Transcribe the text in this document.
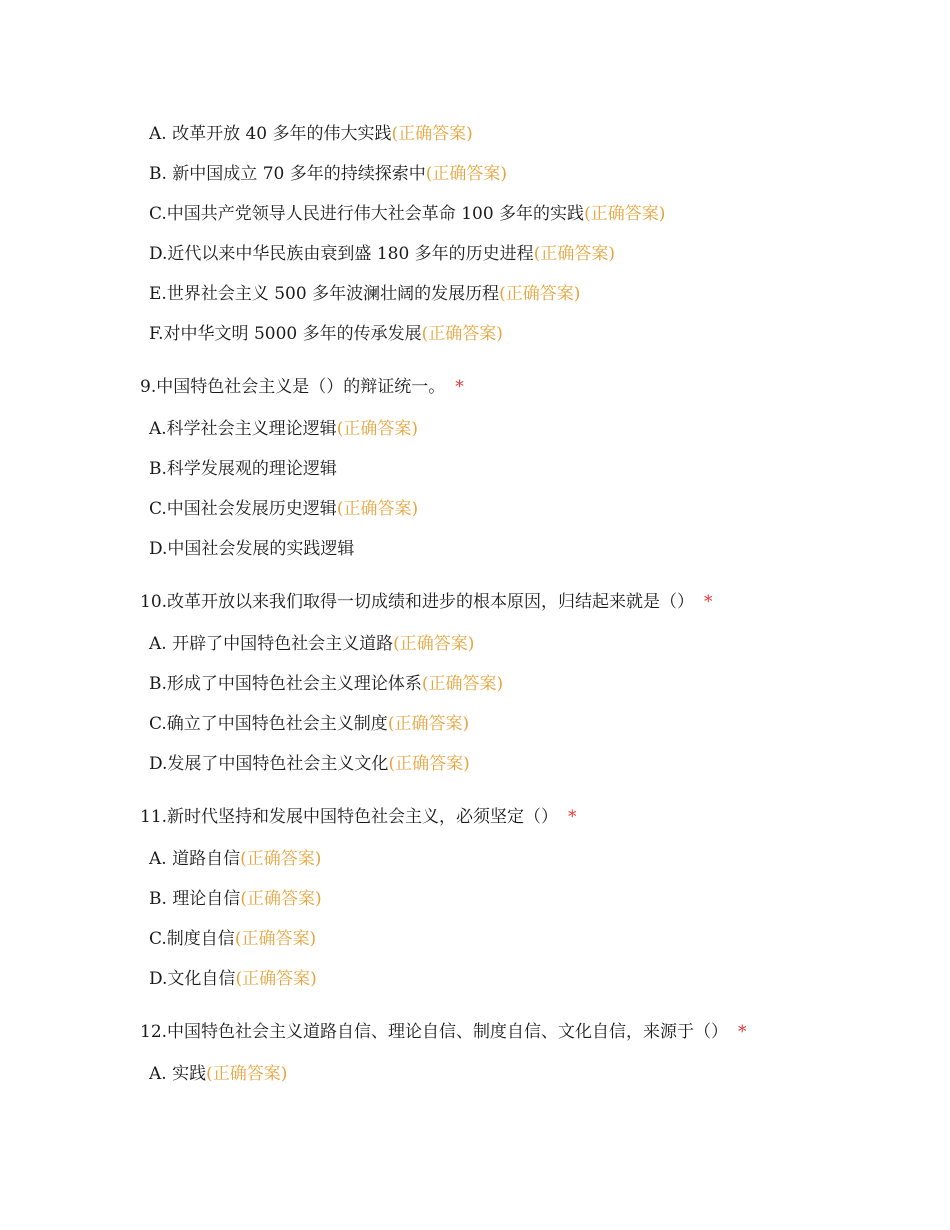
A. 改革开放 40 多年的伟大实践(正确答案)
B. 新中国成立 70 多年的持续探索中(正确答案)
C.中国共产党领导人民进行伟大社会革命 100 多年的实践(正确答案)
D.近代以来中华民族由衰到盛 180 多年的历史进程(正确答案)
E.世界社会主义 500 多年波澜壮阔的发展历程(正确答案)
F.对中华文明 5000 多年的传承发展(正确答案)
9.中国特色社会主义是（）的辩证统一。 *
A.科学社会主义理论逻辑(正确答案)
B.科学发展观的理论逻辑
C.中国社会发展历史逻辑(正确答案)
D.中国社会发展的实践逻辑
10.改革开放以来我们取得一切成绩和进步的根本原因，归结起来就是（） *
A. 开辟了中国特色社会主义道路(正确答案)
B.形成了中国特色社会主义理论体系(正确答案)
C.确立了中国特色社会主义制度(正确答案)
D.发展了中国特色社会主义文化(正确答案)
11.新时代坚持和发展中国特色社会主义，必须坚定（） *
A. 道路自信(正确答案)
B. 理论自信(正确答案)
C.制度自信(正确答案)
D.文化自信(正确答案)
12.中国特色社会主义道路自信、理论自信、制度自信、文化自信，来源于（） *
A. 实践(正确答案)
